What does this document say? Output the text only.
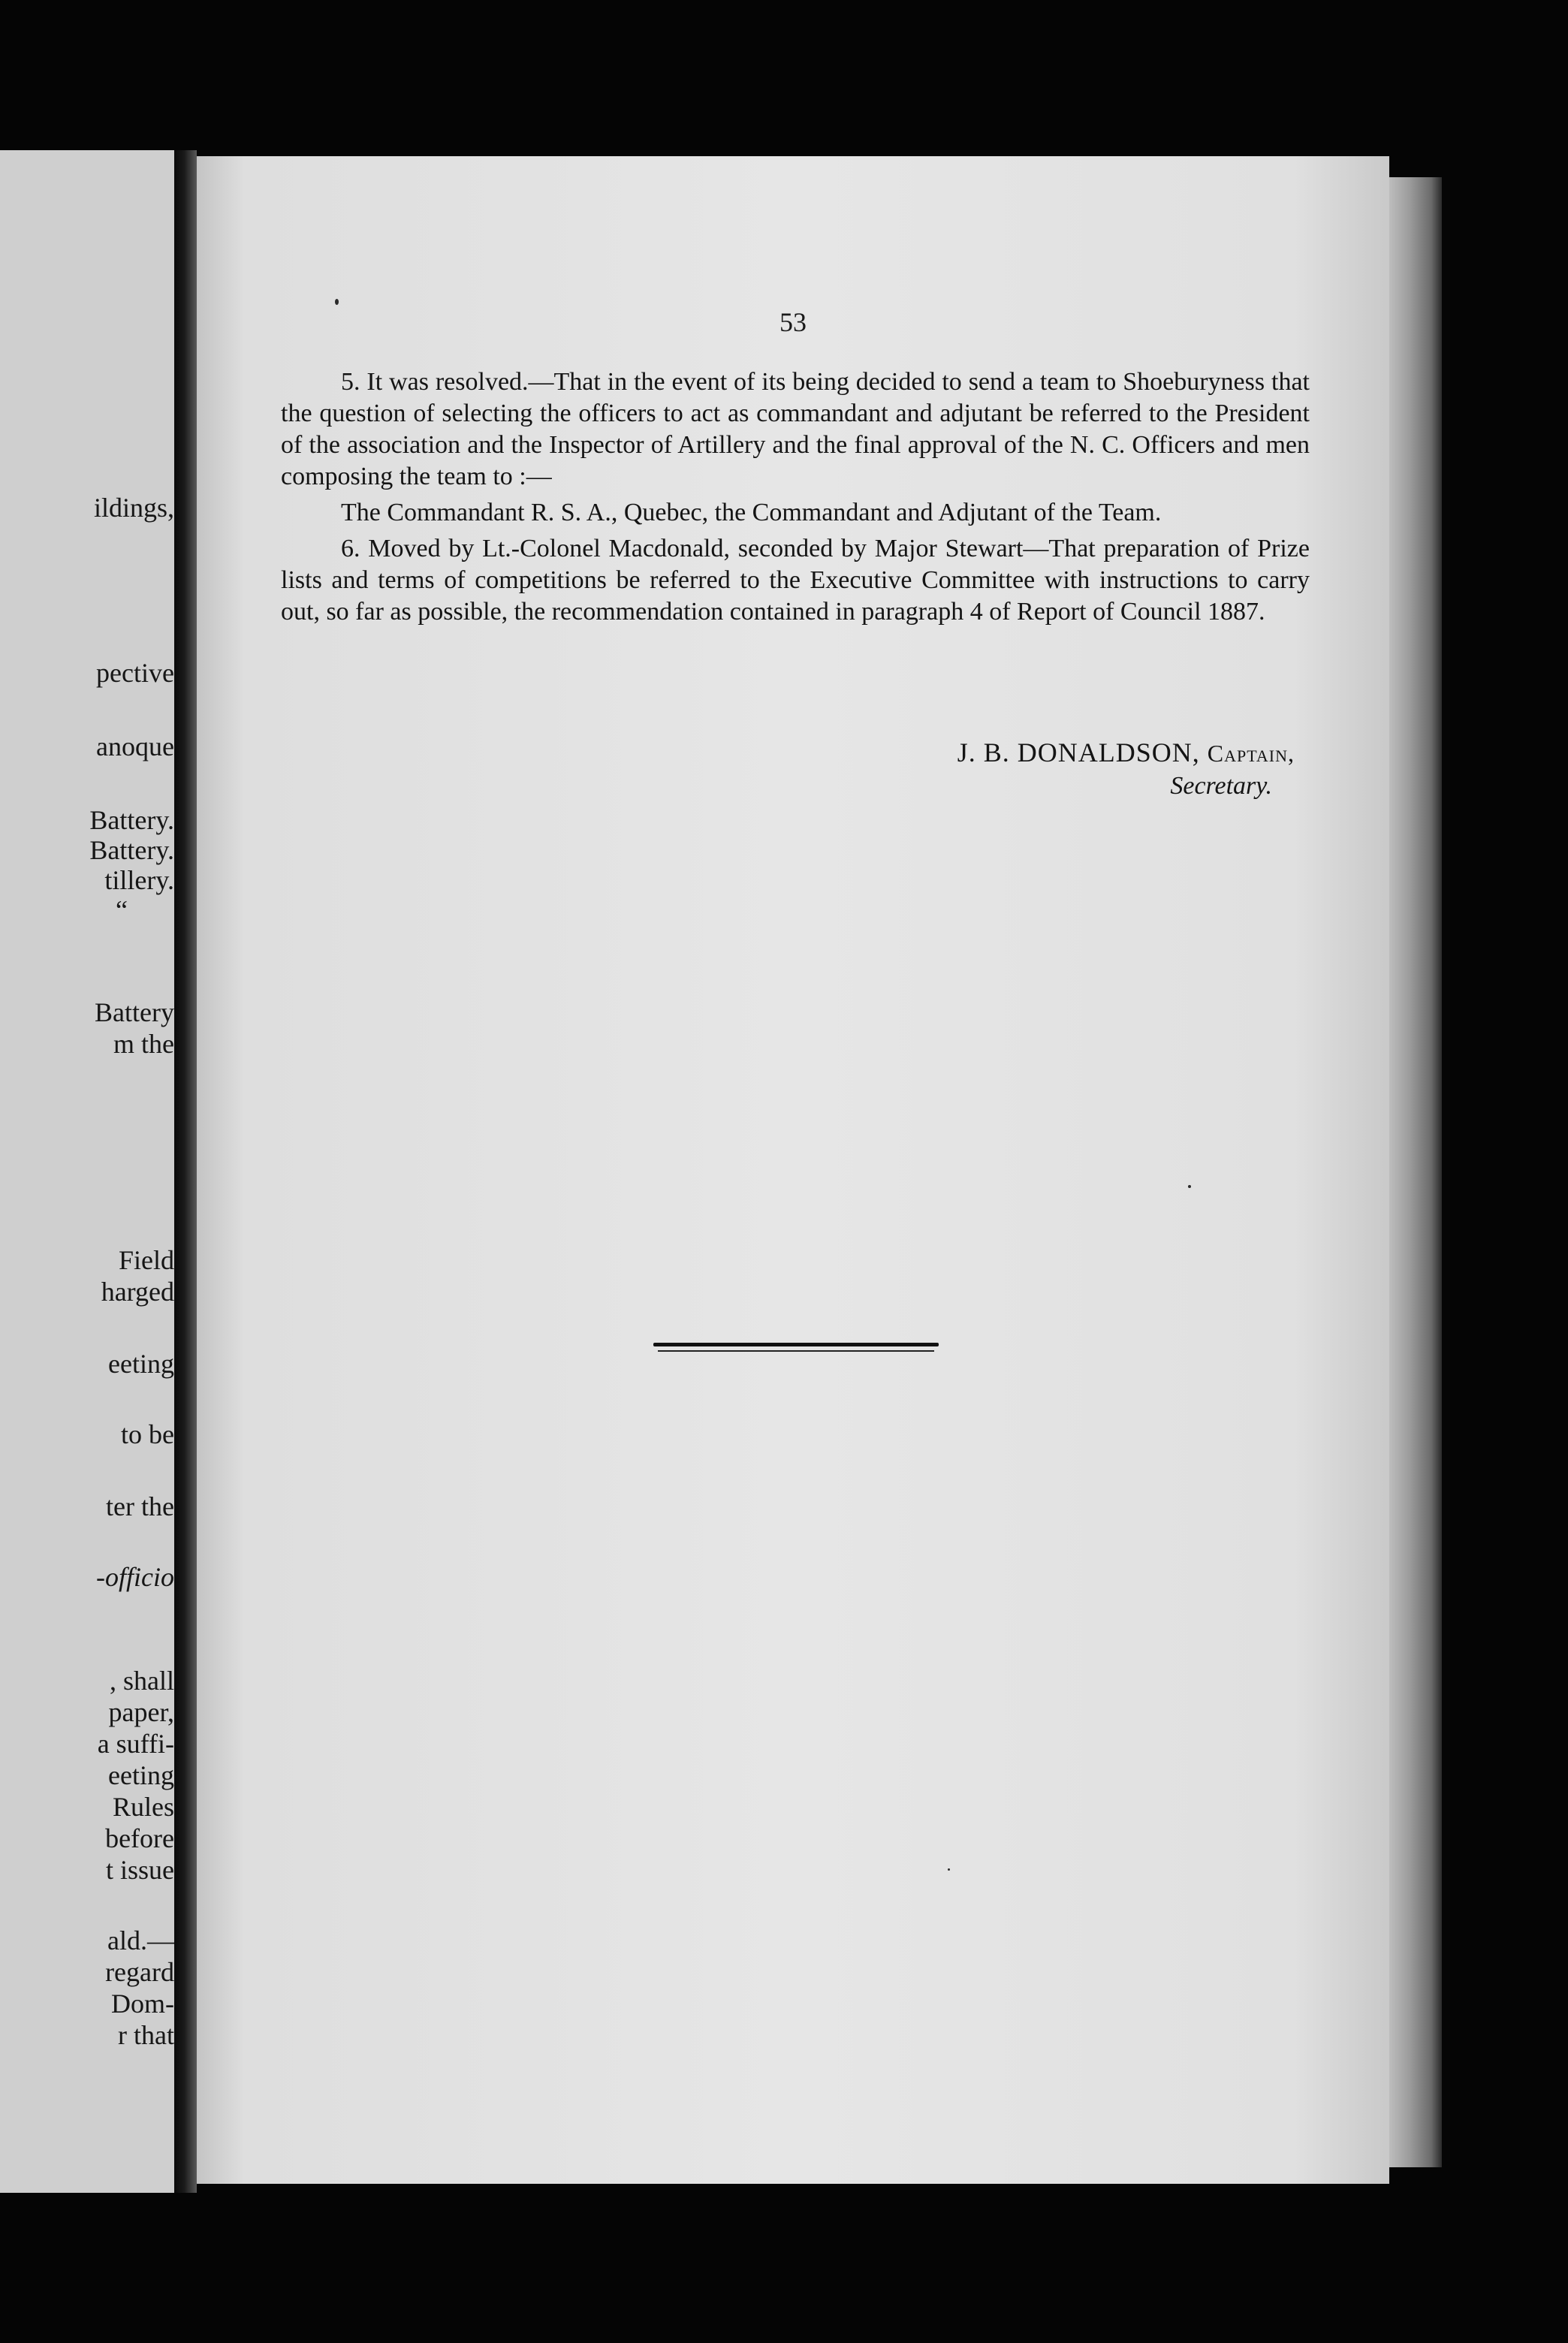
ildings,

pective

anoque

Battery.

Battery.

tillery.

“

Battery

m the

Field

harged

eeting

to be

ter the

-officio

, shall

paper,

a suffi-

eeting

Rules

before

t issue

ald.—

regard

Dom-

r that

53

5. It was resolved.—That in the event of its being decided to send a team to Shoeburyness that the question of selecting the officers to act as commandant and adjutant be referred to the President of the association and the Inspector of Artillery and the final approval of the N. C. Officers and men composing the team to :—

The Commandant R. S. A., Quebec, the Commandant and Adjutant of the Team.

6. Moved by Lt.-Colonel Macdonald, seconded by Major Stewart—That preparation of Prize lists and terms of competitions be referred to the Executive Committee with instructions to carry out, so far as possible, the recommendation contained in paragraph 4 of Report of Council 1887.

J. B. DONALDSON, Captain,

Secretary.
